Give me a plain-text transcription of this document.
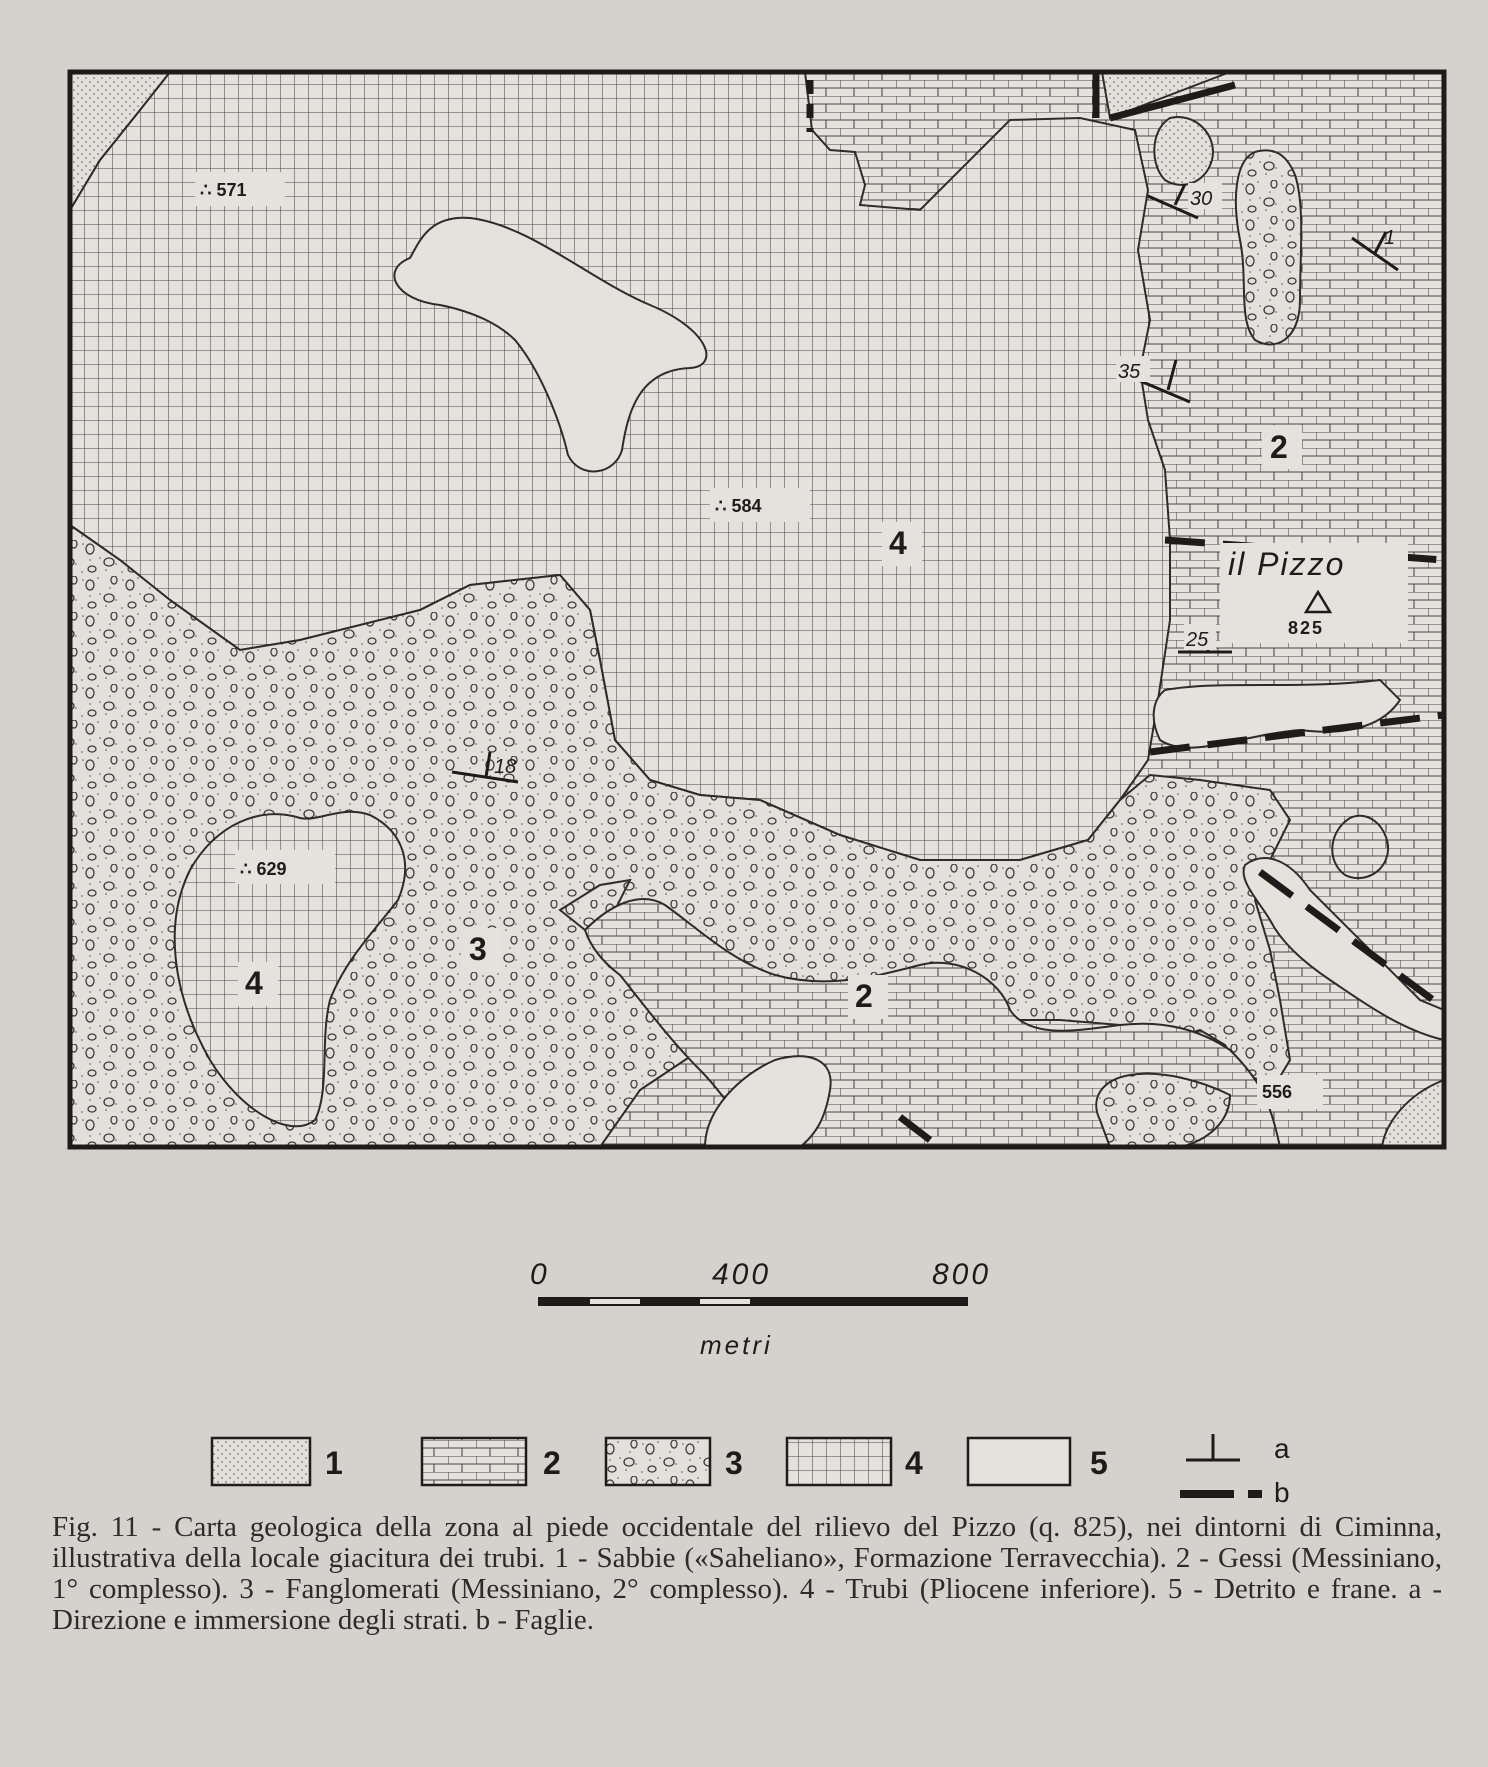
∴ 571
∴ 584
∴ 629
556
il Pizzo
825
30
1
35
25
18
2
4
3
4	2
0	400	800
metri
1	2	3	4	5	a
b

Fig. 11 - Carta geologica della zona al piede occidentale del rilievo del Pizzo (q. 825), nei dintorni di Ciminna, illustrativa della locale giacitura dei trubi. 1 - Sabbie («Saheliano», Formazione Terravecchia). 2 - Gessi (Messiniano, 1° complesso). 3 - Fanglomerati (Messiniano, 2° complesso). 4 - Trubi (Pliocene inferiore). 5 - Detrito e frane. a - Direzione e immersione degli strati. b - Faglie.
